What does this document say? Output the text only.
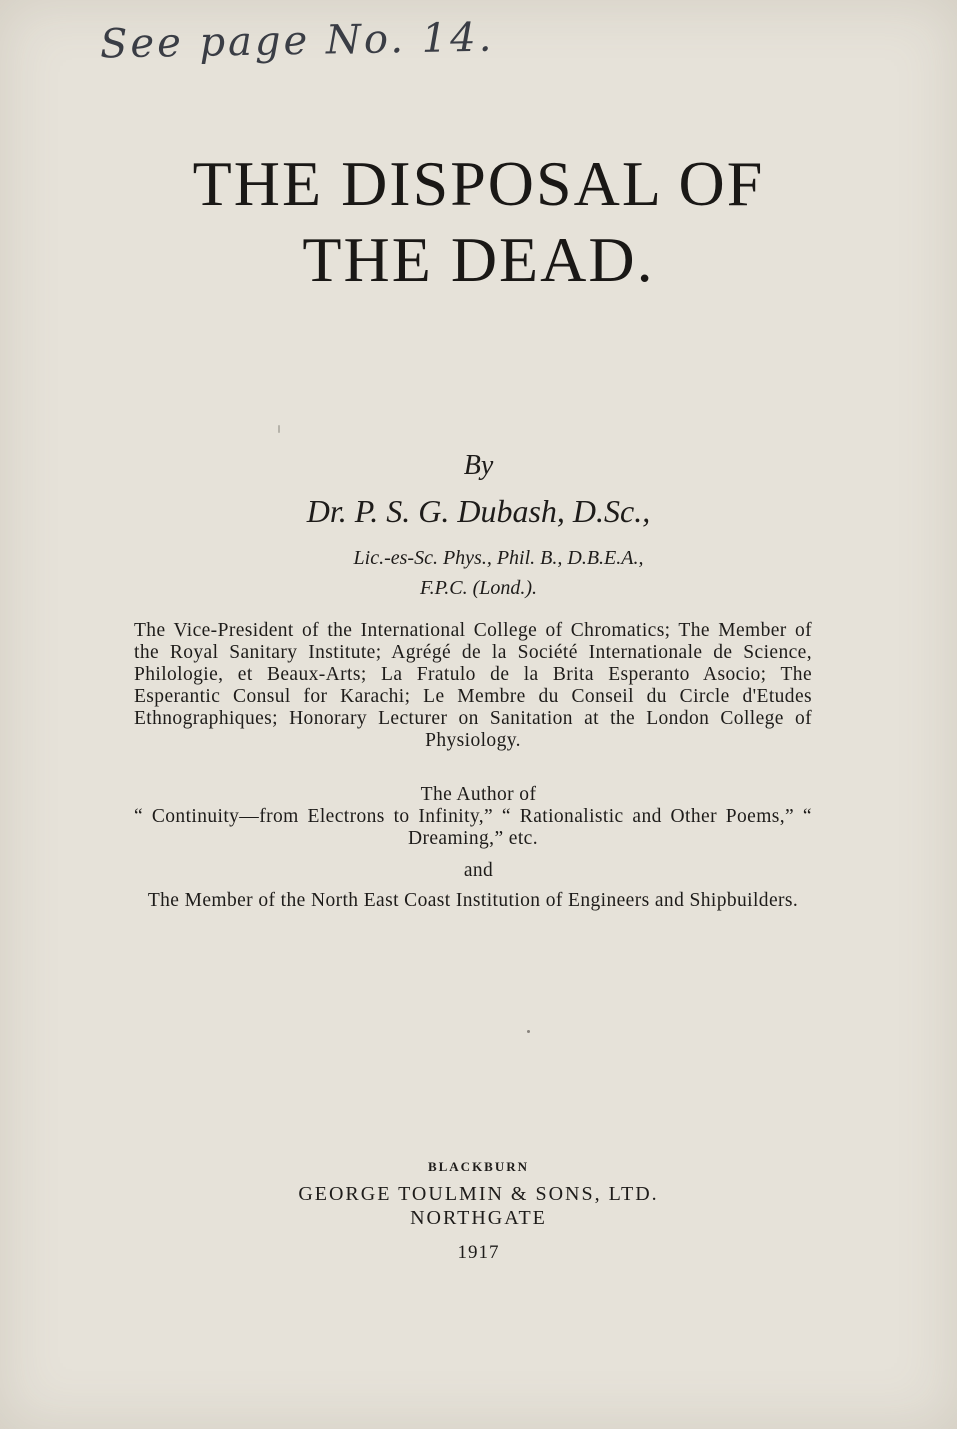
See page No. 14.
THE DISPOSAL OF
THE DEAD.
By
Dr. P. S. G. Dubash, D.Sc.,
Lic.-es-Sc. Phys., Phil. B., D.B.E.A.,
F.P.C. (Lond.).
The Vice-President of the International College of Chromatics; The Member of the Royal Sanitary Institute; Agrégé de la Société Internationale de Science, Philologie, et Beaux-Arts; La Fratulo de la Brita Esperanto Asocio; The Esperantic Consul for Karachi; Le Membre du Conseil du Circle d'Etudes Ethnographiques; Honorary Lecturer on Sanitation at the London College of Physiology.
The Author of
“ Continuity—from Electrons to Infinity,” “ Rationalistic and Other Poems,” “ Dreaming,” etc.
and
The Member of the North East Coast Institution of Engineers and Shipbuilders.
BLACKBURN
GEORGE TOULMIN & SONS, LTD.
NORTHGATE
1917
